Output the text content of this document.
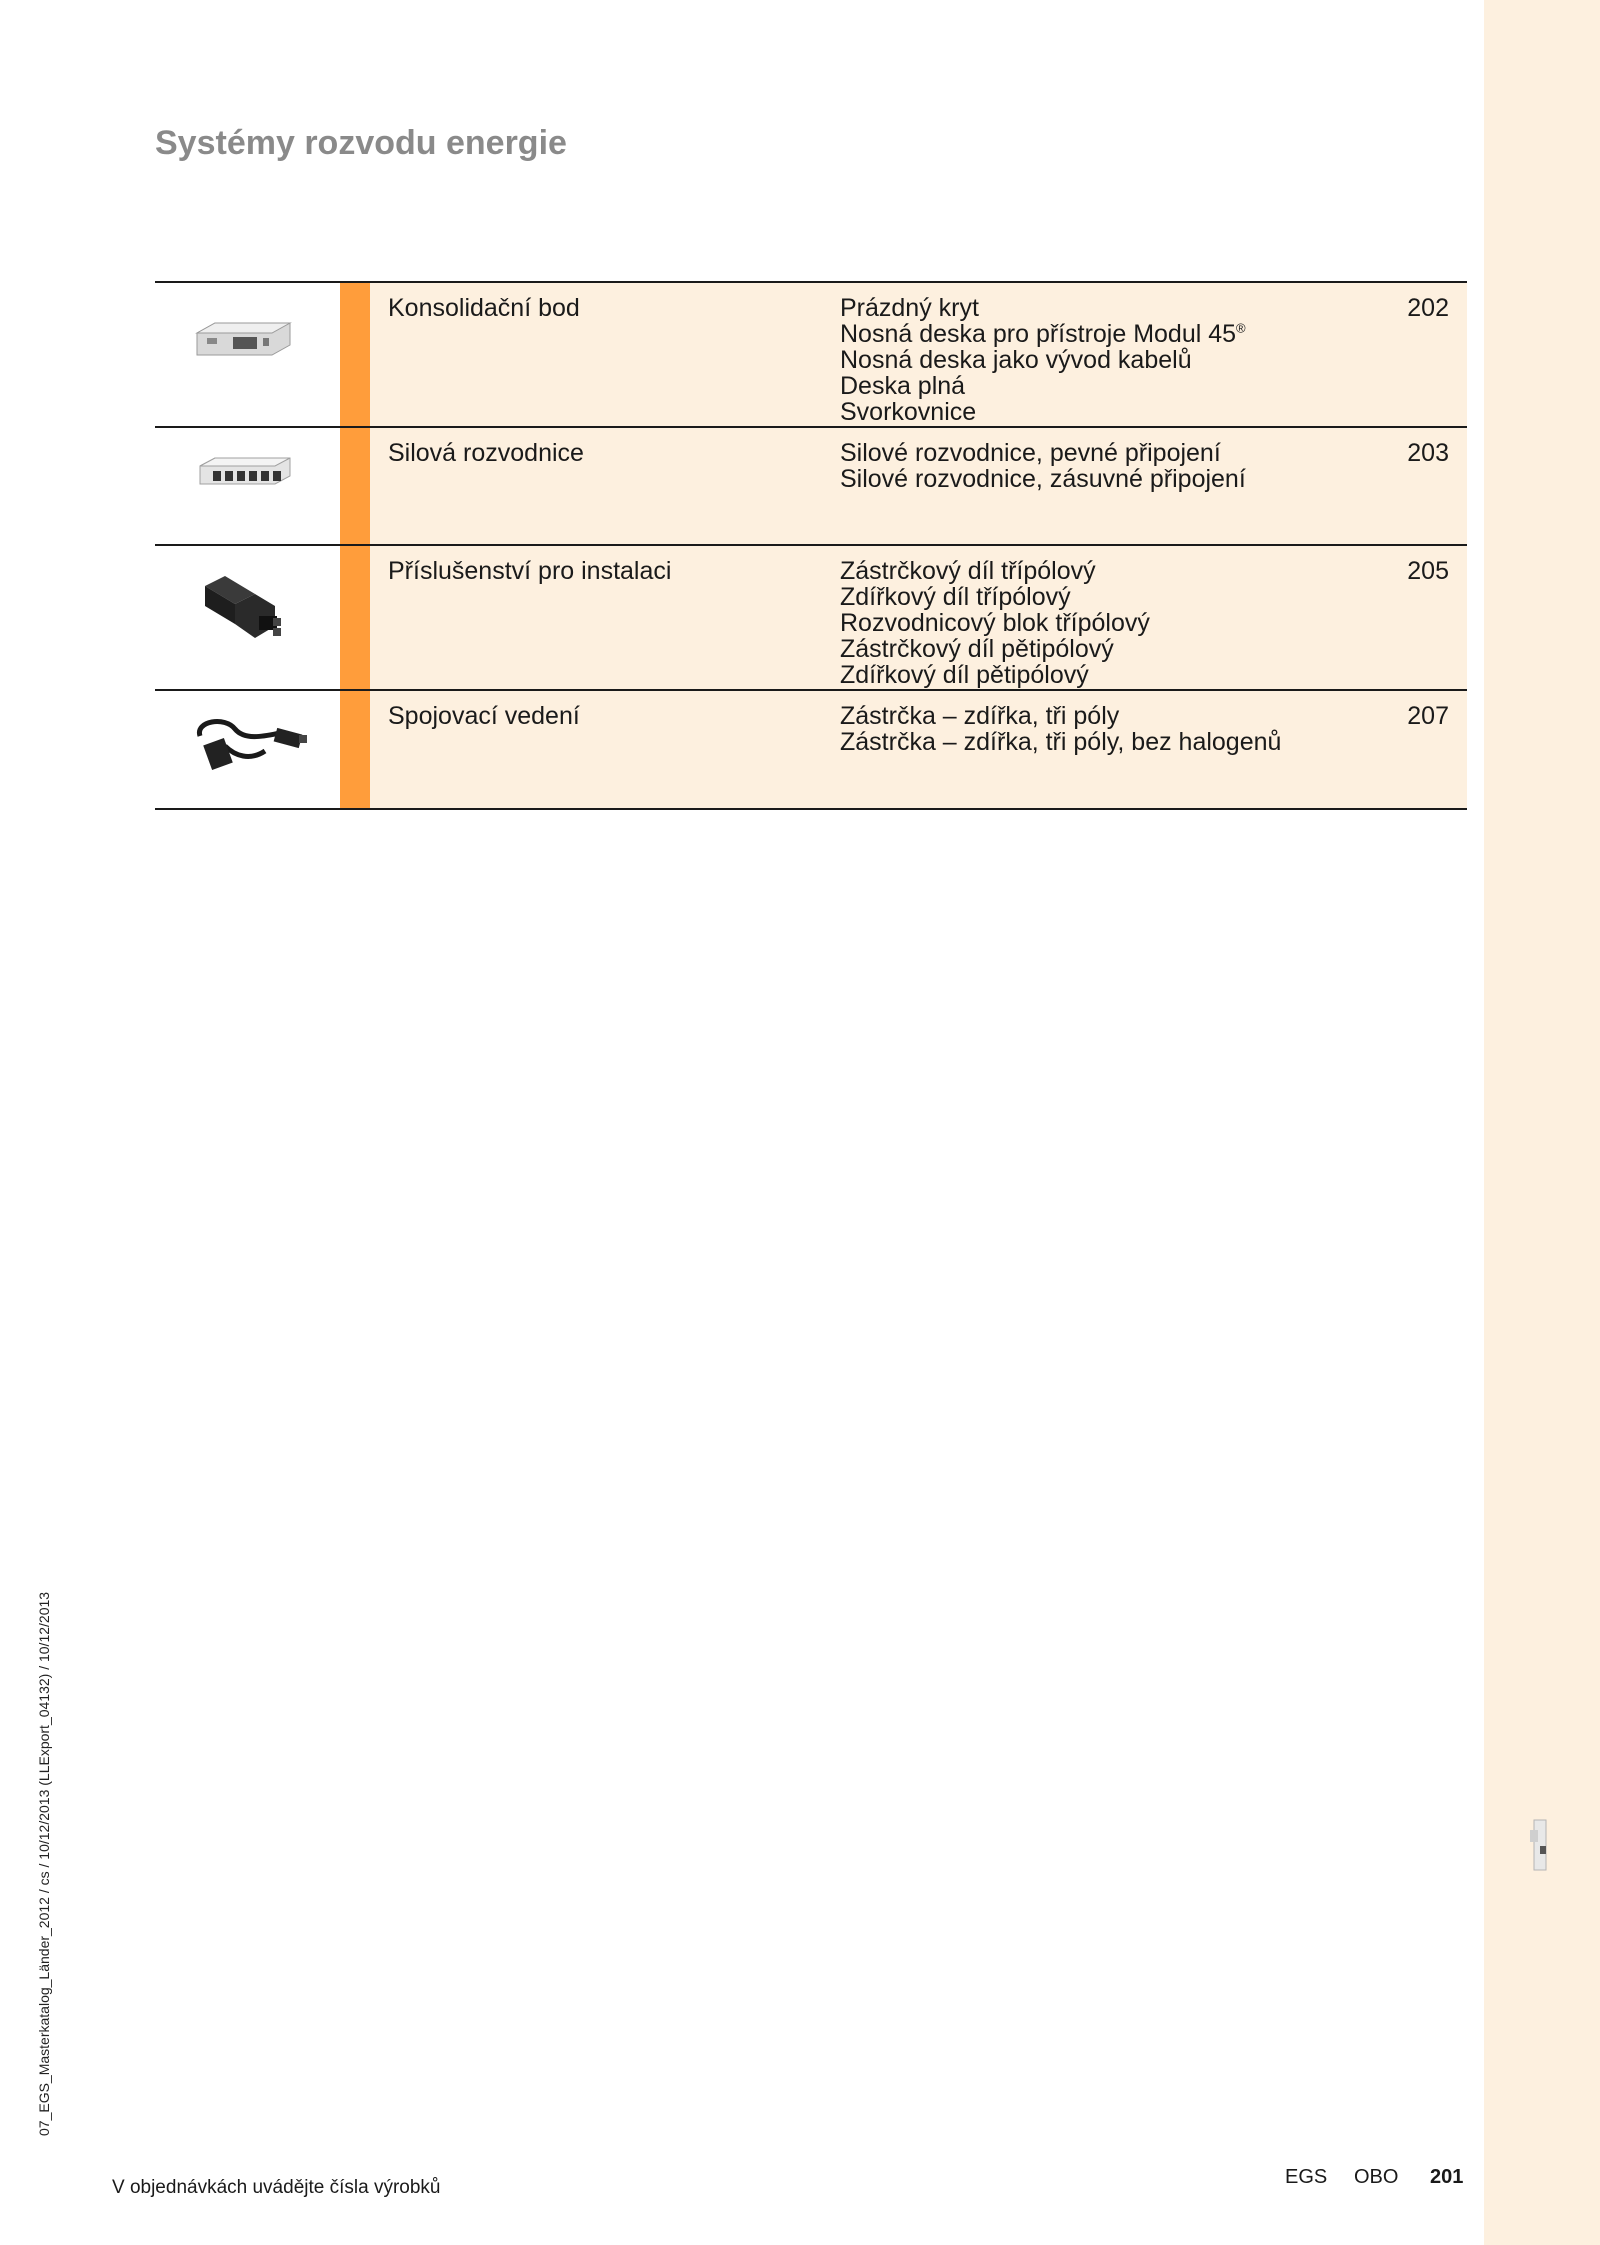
Systémy rozvodu energie
Konsolidační bod	Prázdný kryt
Nosná deska pro přístroje Modul 45®
Nosná deska jako vývod kabelů
Deska plná
Svorkovnice
202
Silová rozvodnice	Silové rozvodnice, pevné připojení
Silové rozvodnice, zásuvné připojení
203
Příslušenství pro instalaci	Zástrčkový díl třípólový
Zdířkový díl třípólový
Rozvodnicový blok třípólový
Zástrčkový díl pětipólový
Zdířkový díl pětipólový
205
Spojovací vedení	Zástrčka – zdířka, tři póly
Zástrčka – zdířka, tři póly, bez halogenů
207
07_EGS_Masterkatalog_Länder_2012 / cs / 10/12/2013 (LLExport_04132) / 10/12/2013
V objednávkách uvádějte čísla výrobků	EGS OBO 201
